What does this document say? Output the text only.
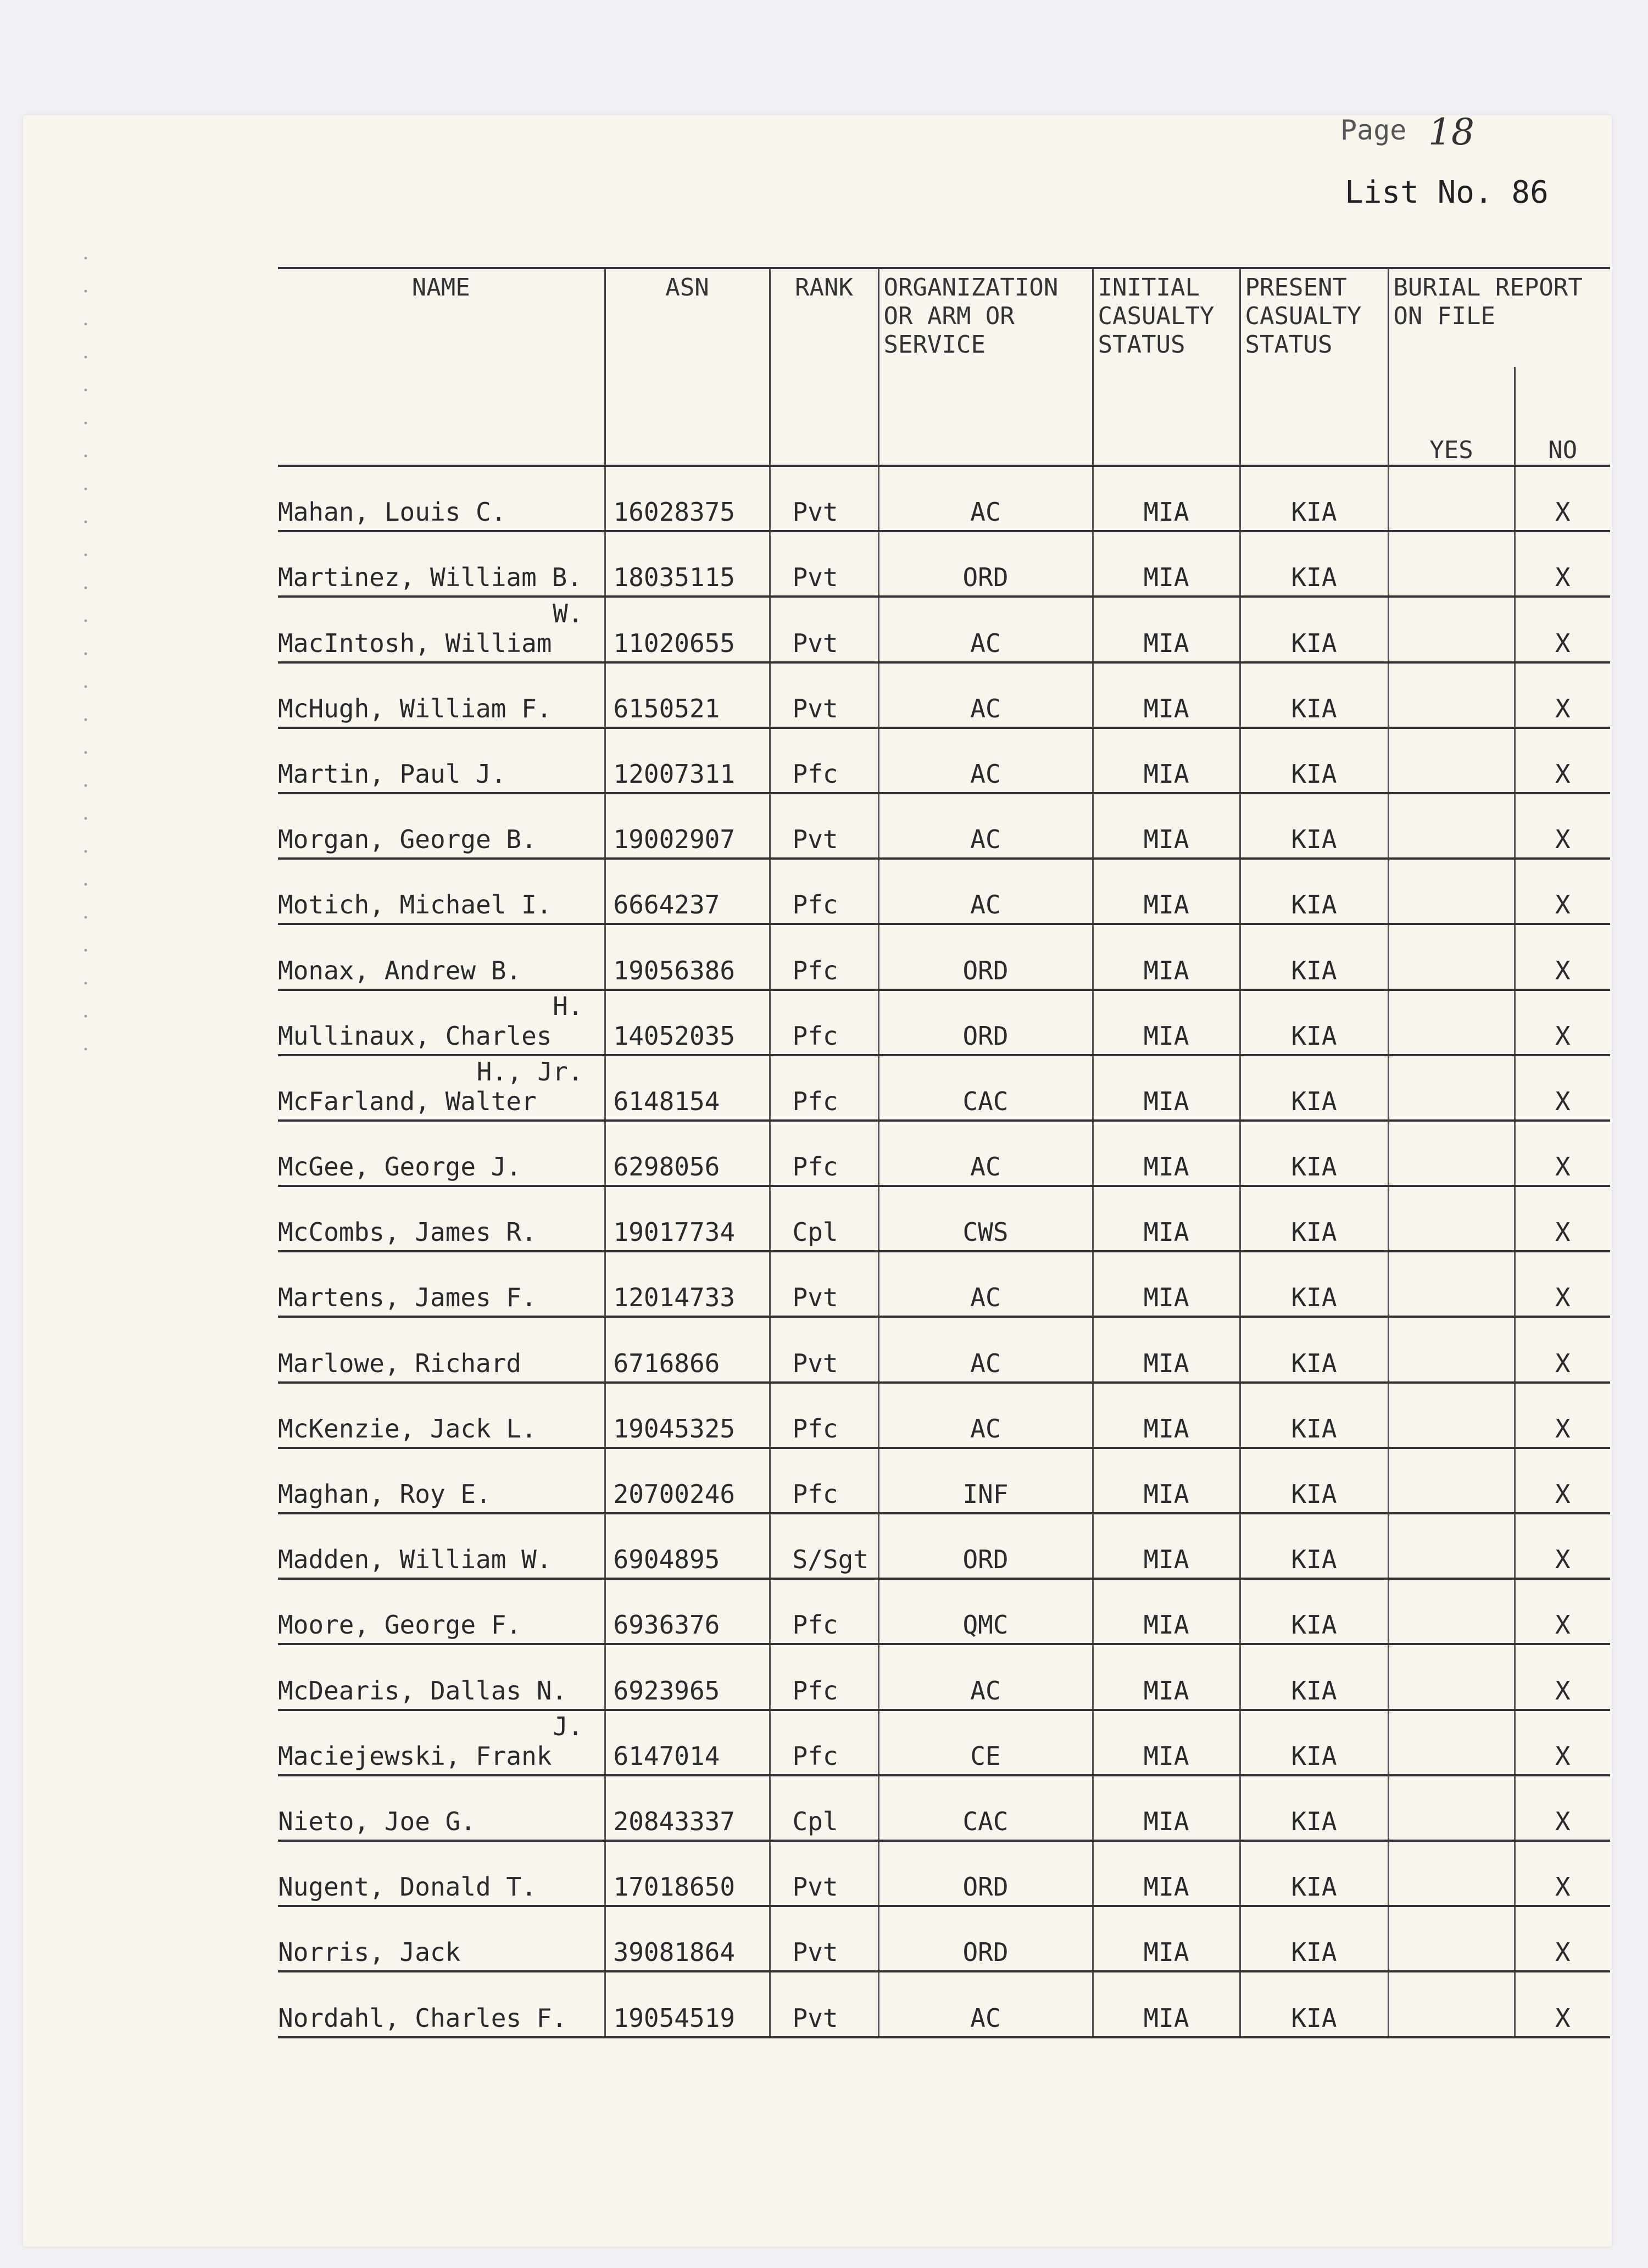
Page 18
List No. 86
NAME	ASN	RANK	ORGANIZATION OR ARM OR SERVICE	INITIAL CASUALTY STATUS	PRESENT CASUALTY STATUS	BURIAL REPORT ON FILE	
						YES	NO

Mahan, Louis C.	16028375	Pvt	AC	MIA	KIA		X

Martinez, William B.	18035115	Pvt	ORD	MIA	KIA		X

W.
MacIntosh, William	11020655	Pvt	AC	MIA	KIA		X

McHugh, William F.	6150521	Pvt	AC	MIA	KIA		X

Martin, Paul J.	12007311	Pfc	AC	MIA	KIA		X

Morgan, George B.	19002907	Pvt	AC	MIA	KIA		X

Motich, Michael I.	6664237	Pfc	AC	MIA	KIA		X

Monax, Andrew B.	19056386	Pfc	ORD	MIA	KIA		X

H.
Mullinaux, Charles	14052035	Pfc	ORD	MIA	KIA		X

H., Jr.
McFarland, Walter	6148154	Pfc	CAC	MIA	KIA		X

McGee, George J.	6298056	Pfc	AC	MIA	KIA		X

McCombs, James R.	19017734	Cpl	CWS	MIA	KIA		X

Martens, James F.	12014733	Pvt	AC	MIA	KIA		X

Marlowe, Richard	6716866	Pvt	AC	MIA	KIA		X

McKenzie, Jack L.	19045325	Pfc	AC	MIA	KIA		X

Maghan, Roy E.	20700246	Pfc	INF	MIA	KIA		X

Madden, William W.	6904895	S/Sgt	ORD	MIA	KIA		X

Moore, George F.	6936376	Pfc	QMC	MIA	KIA		X

McDearis, Dallas N.	6923965	Pfc	AC	MIA	KIA		X

J.
Maciejewski, Frank	6147014	Pfc	CE	MIA	KIA		X

Nieto, Joe G.	20843337	Cpl	CAC	MIA	KIA		X

Nugent, Donald T.	17018650	Pvt	ORD	MIA	KIA		X

Norris, Jack	39081864	Pvt	ORD	MIA	KIA		X

Nordahl, Charles F.	19054519	Pvt	AC	MIA	KIA		X
